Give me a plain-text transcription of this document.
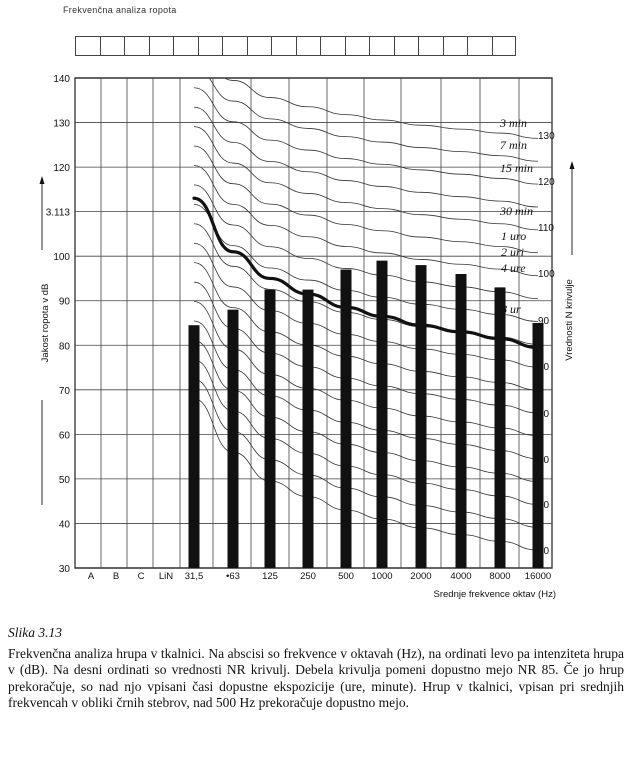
Frekvenčna analiza ropota
3 min
7 min
15 min
30 min
1 uro
2 uri
4 ure
8 ur
30
40
50
60
70
80
90
100
3.113
120
130
140
40
50
60
70
80
90
100
110
120
130
A B C LiN 31,5 •63 125 250 500 1000 2000 4000 8000 16000
Srednje frekvence oktav (Hz)
Jakost ropota v dB	Vrednosti N krivulje
Slika 3.13
Frekvenčna analiza hrupa v tkalnici. Na abscisi so frekvence v oktavah (Hz), na ordinati levo pa intenziteta hrupa v (dB). Na desni ordinati so vrednosti NR krivulj. Debela krivulja pomeni dopustno mejo NR 85. Če jo hrup prekoračuje, so nad njo vpisani časi dopustne ekspozicije (ure, minute). Hrup v tkalnici, vpisan pri srednjih frekvencah v obliki črnih stebrov, nad 500 Hz prekoračuje dopustno mejo.
